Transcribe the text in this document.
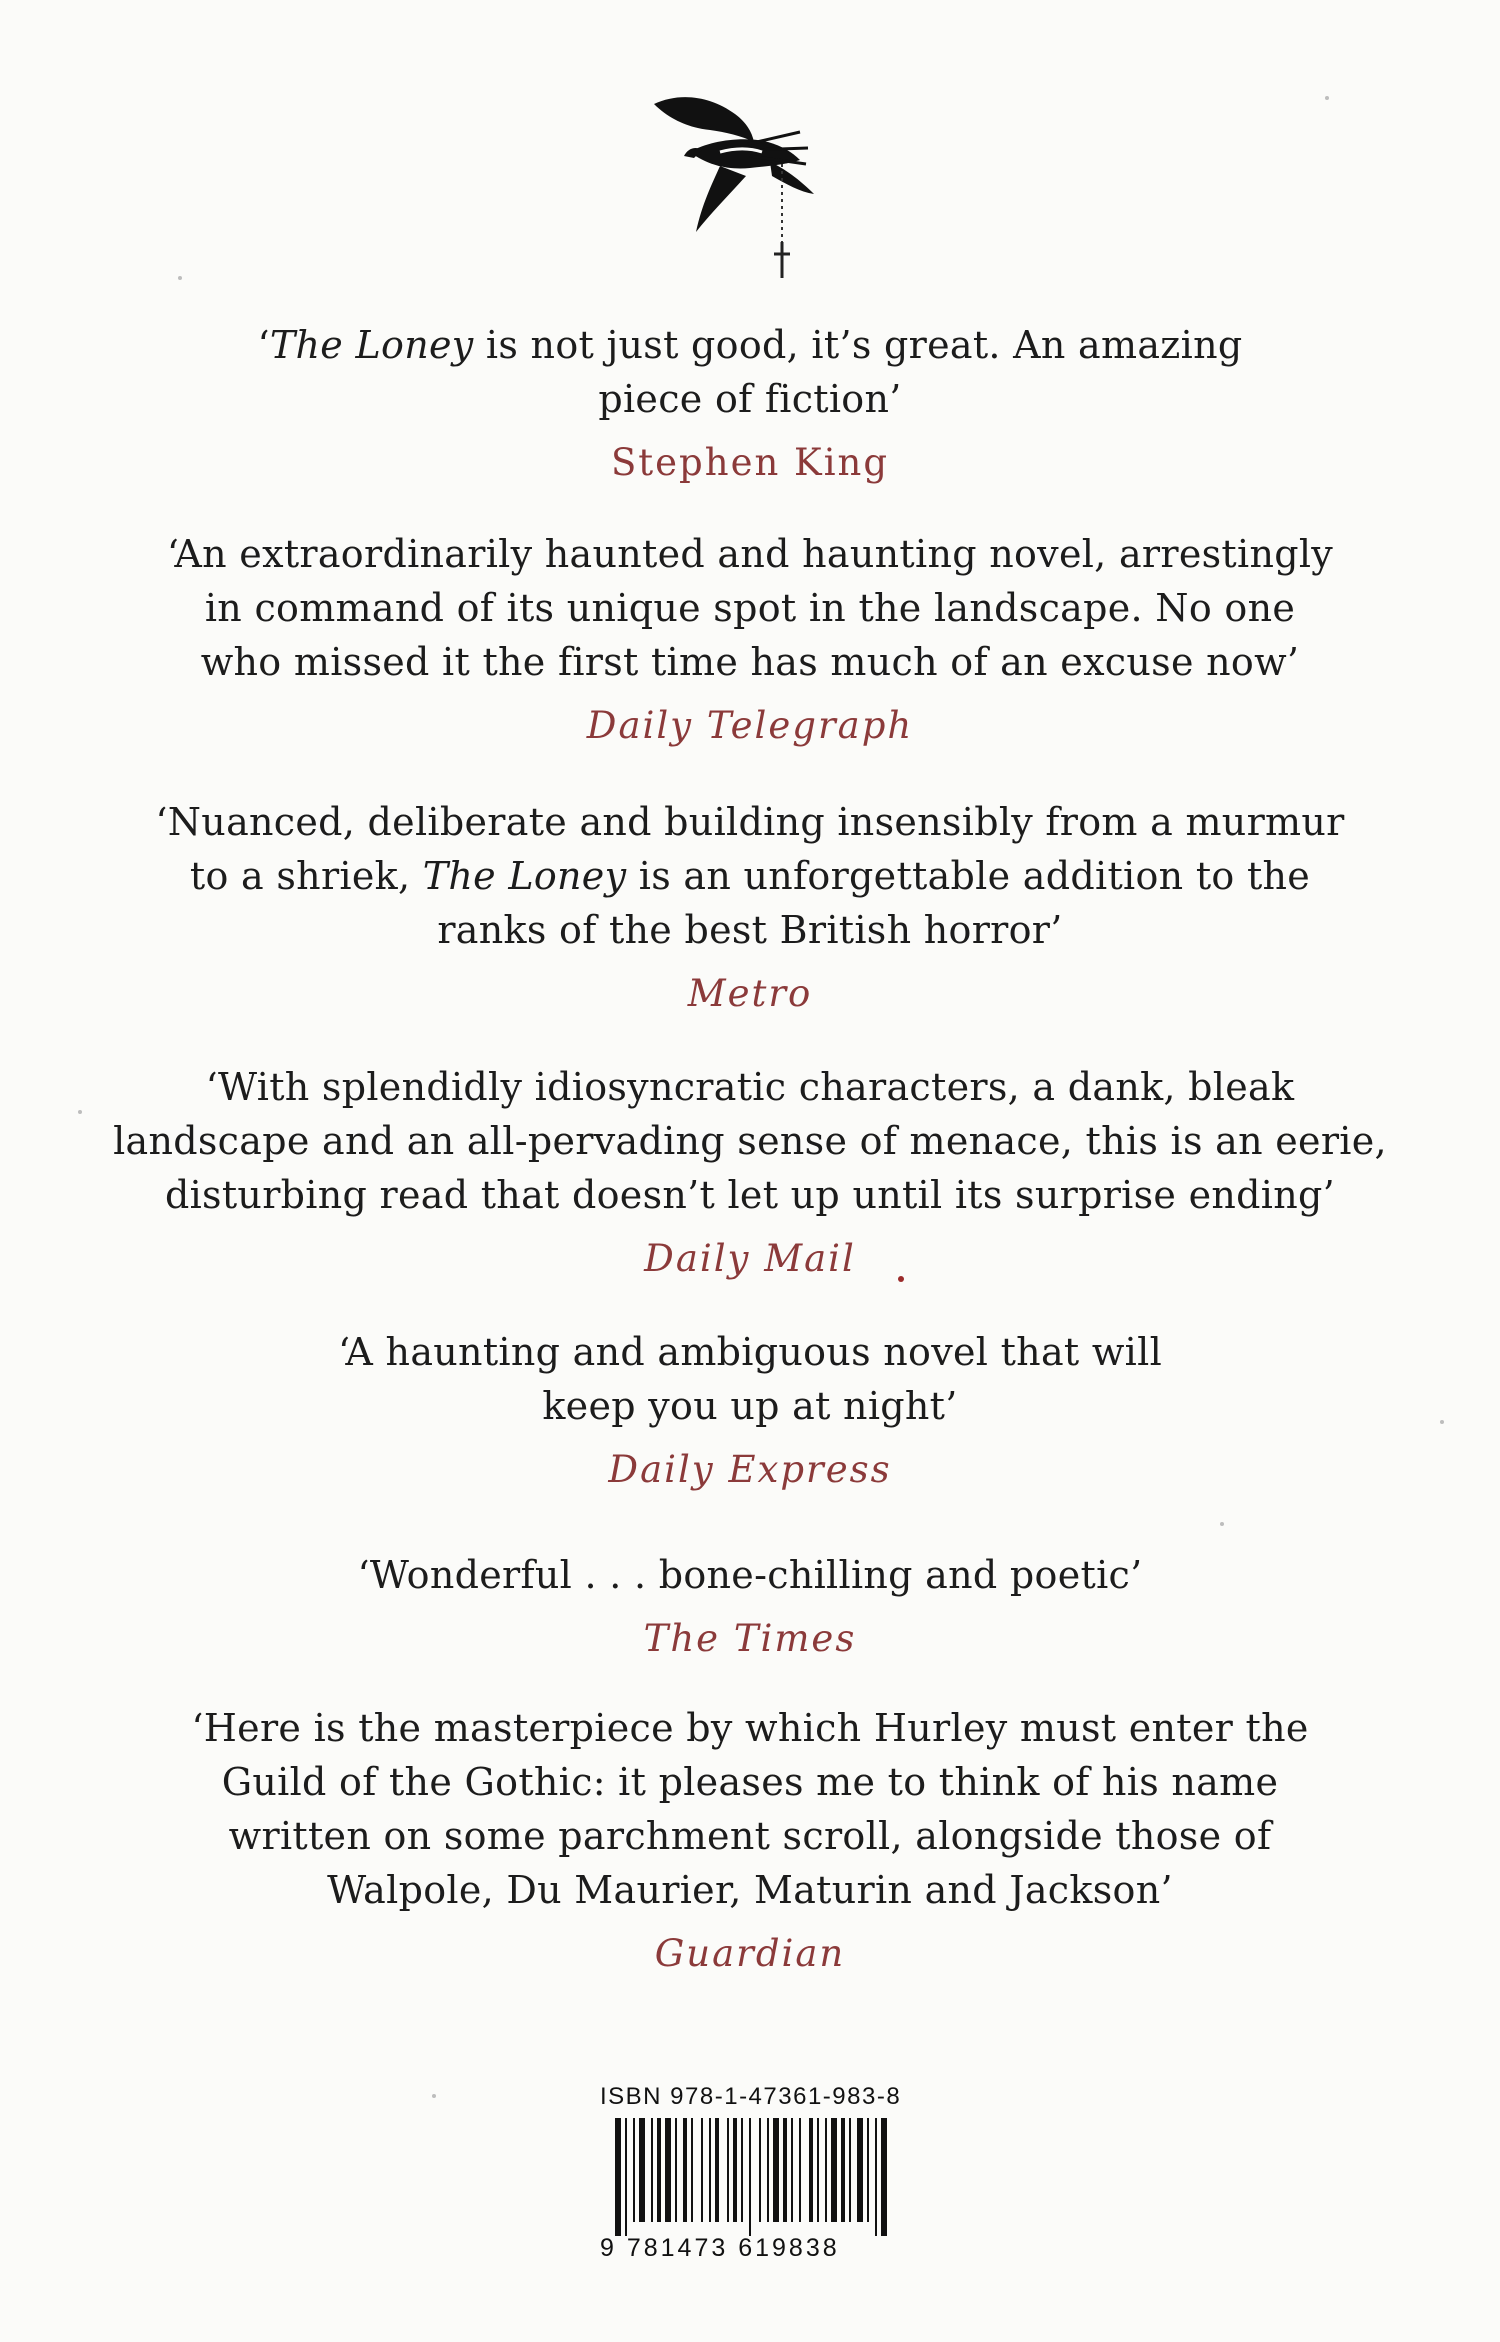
‘The Loney is not just good, it’s great. An amazing
piece of fiction’

Stephen King

‘An extraordinarily haunted and haunting novel, arrestingly
in command of its unique spot in the landscape. No one
who missed it the first time has much of an excuse now’

Daily Telegraph

‘Nuanced, deliberate and building insensibly from a murmur
to a shriek, The Loney is an unforgettable addition to the
ranks of the best British horror’

Metro

‘With splendidly idiosyncratic characters, a dank, bleak
landscape and an all-pervading sense of menace, this is an eerie,
disturbing read that doesn’t let up until its surprise ending’

Daily Mail

‘A haunting and ambiguous novel that will
keep you up at night’

Daily Express

‘Wonderful . . . bone-chilling and poetic’

The Times

‘Here is the masterpiece by which Hurley must enter the
Guild of the Gothic: it pleases me to think of his name
written on some parchment scroll, alongside those of
Walpole, Du Maurier, Maturin and Jackson’

Guardian

ISBN 978-1-47361-983-8
9 781473 619838
